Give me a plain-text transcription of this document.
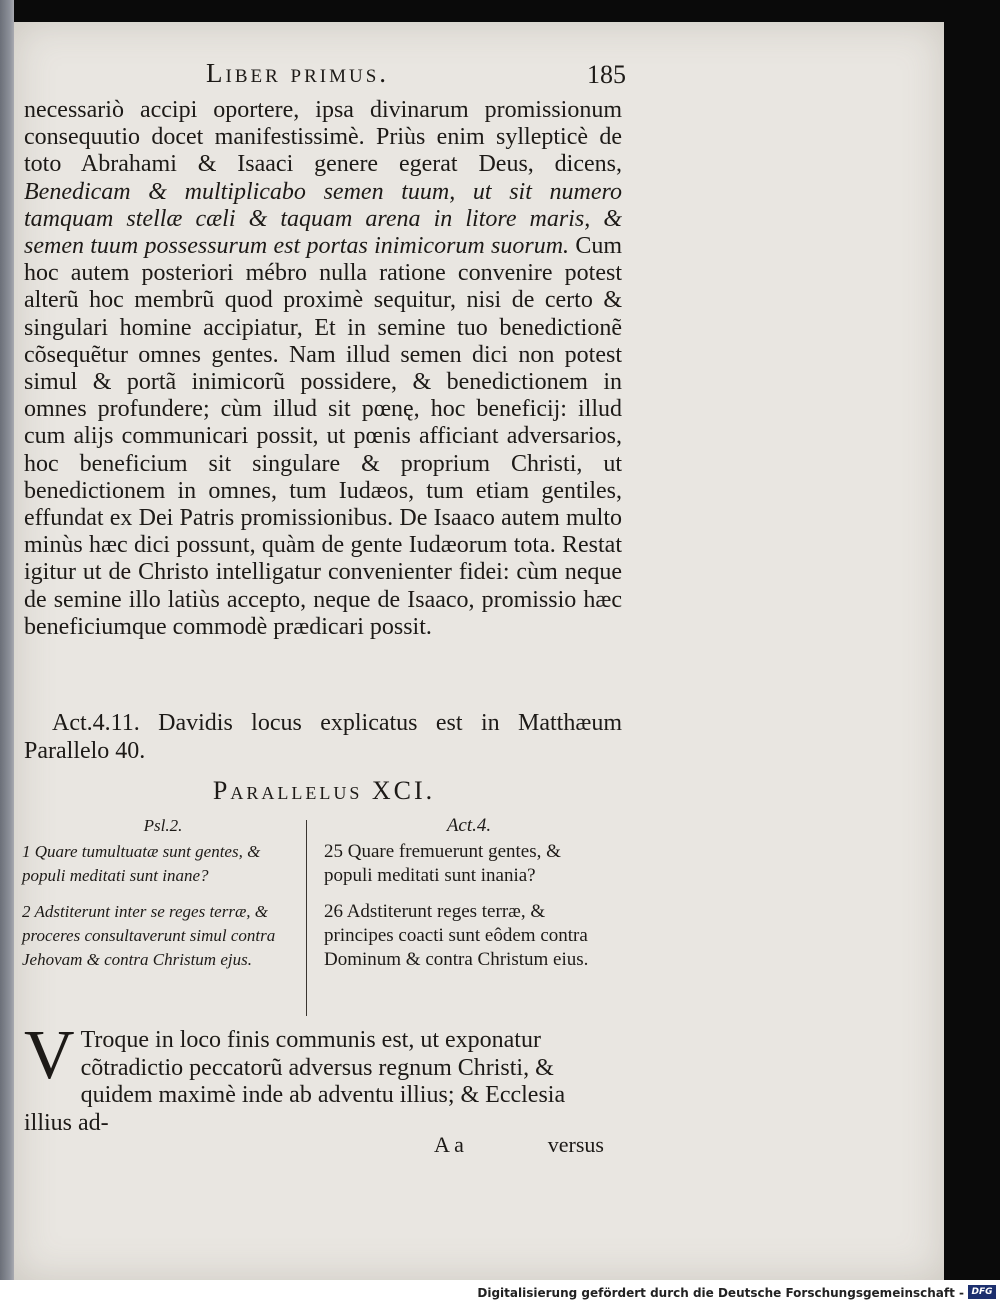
Liber primus.	185
necessariò accipi oportere, ipsa divinarum promissionum consequutio docet manifestissimè. Priùs enim syllepticè de toto Abrahami & Isaaci genere egerat Deus, dicens, Benedicam & multiplicabo semen tuum, ut sit numero tamquam stellæ cæli & taquam arena in litore maris, & semen tuum possessurum est portas inimicorum suorum. Cum hoc autem posteriori mébro nulla ratione convenire potest alterũ hoc membrũ quod proximè sequitur, nisi de certo & singulari homine accipiatur, Et in semine tuo benedictionẽ cõsequẽtur omnes gentes. Nam illud semen dici non potest simul & portã inimicorũ possidere, & benedictionem in omnes profundere; cùm illud sit pœnę, hoc beneficij: illud cum alijs communicari possit, ut pœnis afficiant adversarios, hoc beneficium sit singulare & proprium Christi, ut benedictionem in omnes, tum Iudæos, tum etiam gentiles, effundat ex Dei Patris promissionibus. De Isaaco autem multo minùs hæc dici possunt, quàm de gente Iudæorum tota. Restat igitur ut de Christo intelligatur convenienter fidei: cùm neque de semine illo latiùs accepto, neque de Isaaco, promissio hæc beneficiumque commodè prædicari possit.
Act.4.11. Davidis locus explicatus est in Matthæum Parallelo 40.
Parallelus XCI.
Psl.2.
1 Quare tumultuatæ sunt gentes, & populi meditati sunt inane?
2 Adstiterunt inter se reges terræ, & proceres consultaverunt simul contra Jehovam & contra Christum ejus.
Act.4.
25 Quare fremuerunt gentes, & populi meditati sunt inania?
26 Adstiterunt reges terræ, & principes coacti sunt eôdem contra Dominum & contra Christum eius.
V Troque in loco finis communis est, ut exponatur cõtradictio peccatorũ adversus regnum Christi, & quidem maximè inde ab adventu illius; & Ecclesia illius ad-
A a	versus
Digitalisierung gefördert durch die Deutsche Forschungsgemeinschaft - DFG
